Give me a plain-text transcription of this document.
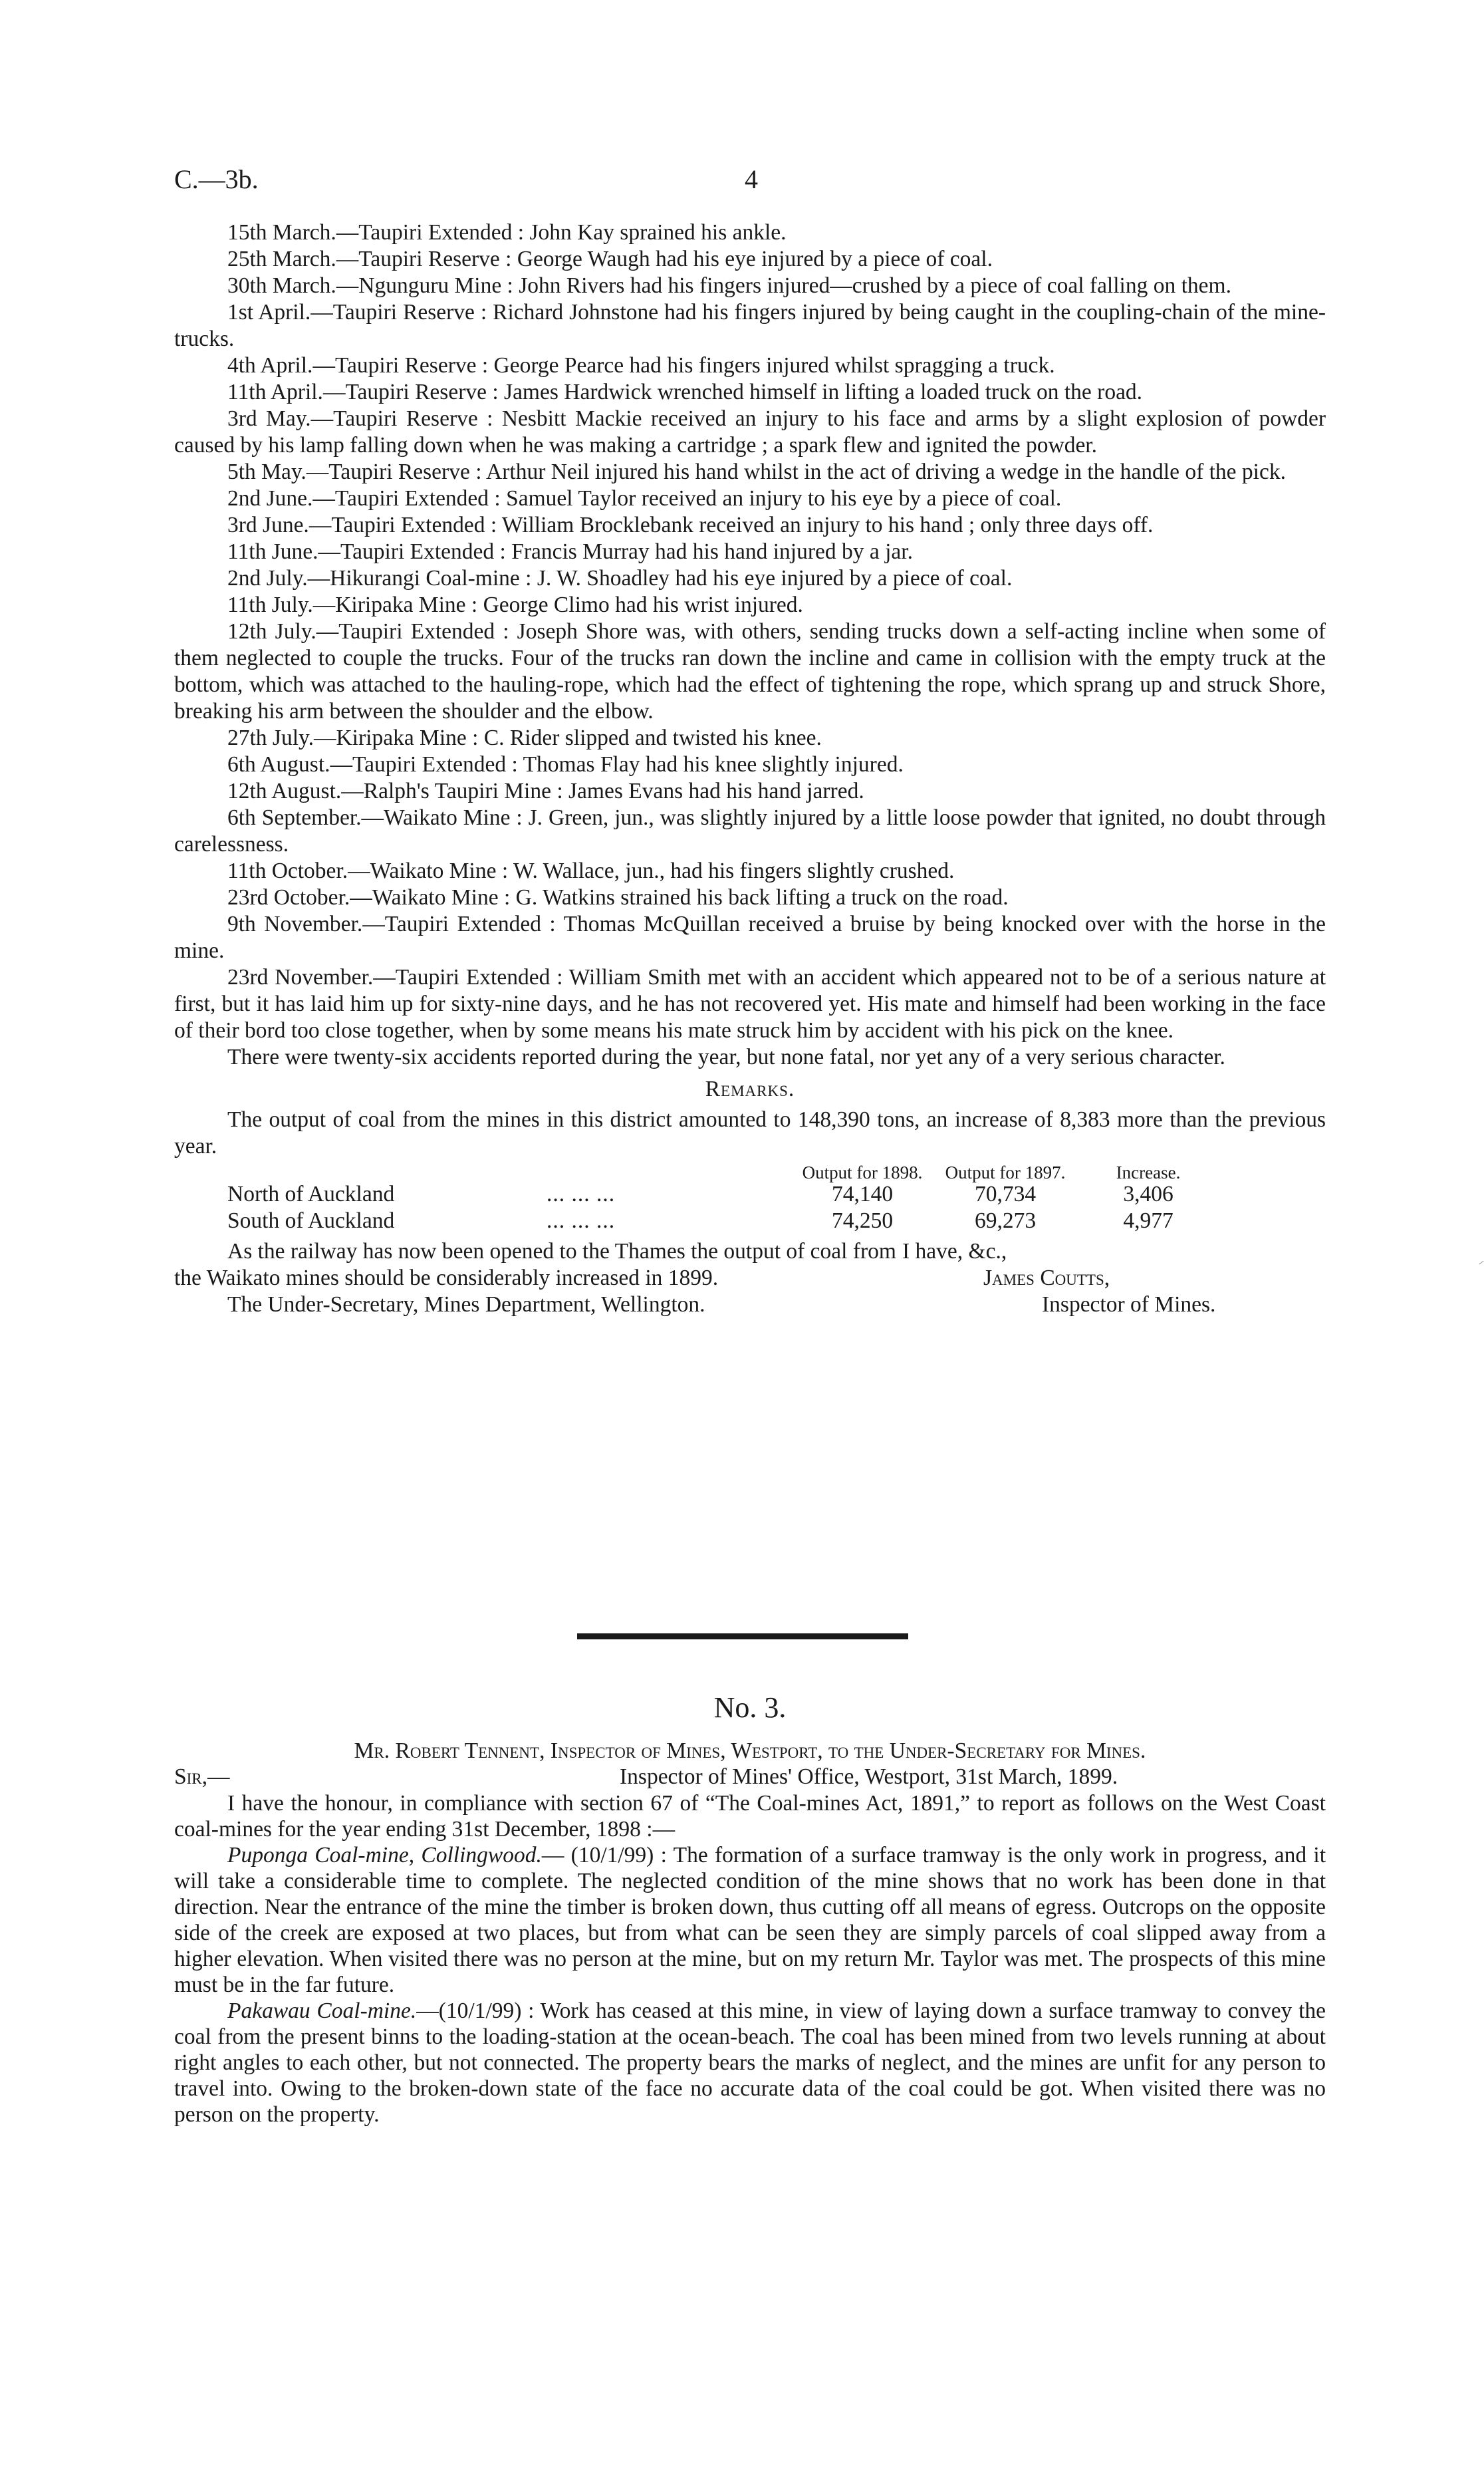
C.—3b.	4

15th March.—Taupiri Extended : John Kay sprained his ankle.

25th March.—Taupiri Reserve : George Waugh had his eye injured by a piece of coal.

30th March.—Ngunguru Mine : John Rivers had his fingers injured—crushed by a piece of coal falling on them.

1st April.—Taupiri Reserve : Richard Johnstone had his fingers injured by being caught in the coupling-chain of the mine-trucks.

4th April.—Taupiri Reserve : George Pearce had his fingers injured whilst spragging a truck.

11th April.—Taupiri Reserve : James Hardwick wrenched himself in lifting a loaded truck on the road.

3rd May.—Taupiri Reserve : Nesbitt Mackie received an injury to his face and arms by a slight explosion of powder caused by his lamp falling down when he was making a cartridge ; a spark flew and ignited the powder.

5th May.—Taupiri Reserve : Arthur Neil injured his hand whilst in the act of driving a wedge in the handle of the pick.

2nd June.—Taupiri Extended : Samuel Taylor received an injury to his eye by a piece of coal.

3rd June.—Taupiri Extended : William Brocklebank received an injury to his hand ; only three days off.

11th June.—Taupiri Extended : Francis Murray had his hand injured by a jar.

2nd July.—Hikurangi Coal-mine : J. W. Shoadley had his eye injured by a piece of coal.

11th July.—Kiripaka Mine : George Climo had his wrist injured.

12th July.—Taupiri Extended : Joseph Shore was, with others, sending trucks down a self-acting incline when some of them neglected to couple the trucks. Four of the trucks ran down the incline and came in collision with the empty truck at the bottom, which was attached to the hauling-rope, which had the effect of tightening the rope, which sprang up and struck Shore, breaking his arm between the shoulder and the elbow.

27th July.—Kiripaka Mine : C. Rider slipped and twisted his knee.

6th August.—Taupiri Extended : Thomas Flay had his knee slightly injured.

12th August.—Ralph's Taupiri Mine : James Evans had his hand jarred.

6th September.—Waikato Mine : J. Green, jun., was slightly injured by a little loose powder that ignited, no doubt through carelessness.

11th October.—Waikato Mine : W. Wallace, jun., had his fingers slightly crushed.

23rd October.—Waikato Mine : G. Watkins strained his back lifting a truck on the road.

9th November.—Taupiri Extended : Thomas McQuillan received a bruise by being knocked over with the horse in the mine.

23rd November.—Taupiri Extended : William Smith met with an accident which appeared not to be of a serious nature at first, but it has laid him up for sixty-nine days, and he has not recovered yet. His mate and himself had been working in the face of their bord too close together, when by some means his mate struck him by accident with his pick on the knee.

There were twenty-six accidents reported during the year, but none fatal, nor yet any of a very serious character.

Remarks.

The output of coal from the mines in this district amounted to 148,390 tons, an increase of 8,383 more than the previous year.

		Output for 1898.	Output for 1897.	Increase.
North of Auckland	... ... ...	74,140	70,734	3,406
South of Auckland	... ... ...	74,250	69,273	4,977
As the railway has now been opened to the Thames the output of coal from the Waikato mines should be considerably increased in 1899.
I have, &c.,
James Coutts,
The Under-Secretary, Mines Department, Wellington.	Inspector of Mines.
No. 3.
Mr. Robert Tennent, Inspector of Mines, Westport, to the Under-Secretary for Mines.
Sir,—	Inspector of Mines' Office, Westport, 31st March, 1899.

I have the honour, in compliance with section 67 of “The Coal-mines Act, 1891,” to report as follows on the West Coast coal-mines for the year ending 31st December, 1898 :—

Puponga Coal-mine, Collingwood.— (10/1/99) : The formation of a surface tramway is the only work in progress, and it will take a considerable time to complete. The neglected condition of the mine shows that no work has been done in that direction. Near the entrance of the mine the timber is broken down, thus cutting off all means of egress. Outcrops on the opposite side of the creek are exposed at two places, but from what can be seen they are simply parcels of coal slipped away from a higher elevation. When visited there was no person at the mine, but on my return Mr. Taylor was met. The prospects of this mine must be in the far future.

Pakawau Coal-mine.—(10/1/99) : Work has ceased at this mine, in view of laying down a surface tramway to convey the coal from the present binns to the loading-station at the ocean-beach. The coal has been mined from two levels running at about right angles to each other, but not connected. The property bears the marks of neglect, and the mines are unfit for any person to travel into. Owing to the broken-down state of the face no accurate data of the coal could be got. When visited there was no person on the property.
